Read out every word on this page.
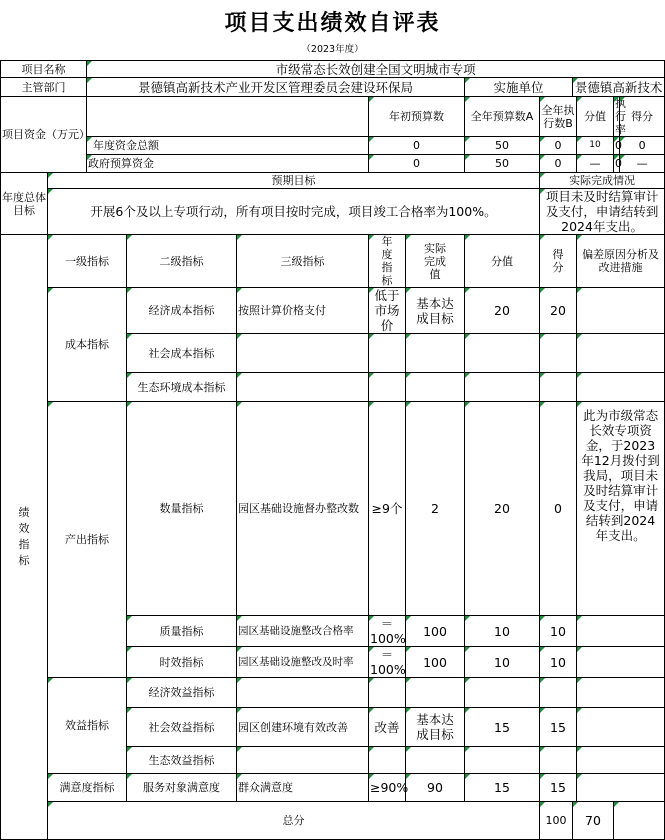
项目支出绩效自评表
（2023年度）
项目名称		市级常态长效创建全国文明城市专项										
主管部门		景德镇高新技术产业开发区管理委员会建设环保局					实施单位		景德镇高新技术			
项目资金（万元）					年初预算数		全年预算数A	全年执行数B		分值	执行率	得分
		年度资金总额			0		50	0		10	0	0
		政府预算资金			0		50	0		—	0	—
年度总体目标	预期目标							实际完成情况				
	开展6个及以上专项行动，所有项目按时完成，项目竣工合格率为100%。							项目未及时结算审计及支付，申请结转到2024年支出。				

绩效指标	一级指标		二级指标	三级指标	年度指标	实际完成值	分值	得分		偏差原因分析及改进措施		
	成本指标		经济成本指标	按照计算价格支付	低于市场价	基本达成目标	20	20				
			社会成本指标									
			生态环境成本指标									
	产出指标		数量指标	园区基础设施督办整改数	≥9个	2	20	0		此为市级常态长效专项资金，于2023年12月拨付到我局，项目未及时结算审计及支付，申请结转到2024年支出。		
			质量指标	园区基础设施整改合格率	＝100%	100	10	10				
			时效指标	园区基础设施整改及时率	＝100%	100	10	10				
	效益指标		经济效益指标									
			社会效益指标	园区创建环境有效改善	改善	基本达成目标	15	15				
			生态效益指标									
	满意度指标		服务对象满意度	群众满意度	≥90%	90	15	15				
	总分							100	70			
